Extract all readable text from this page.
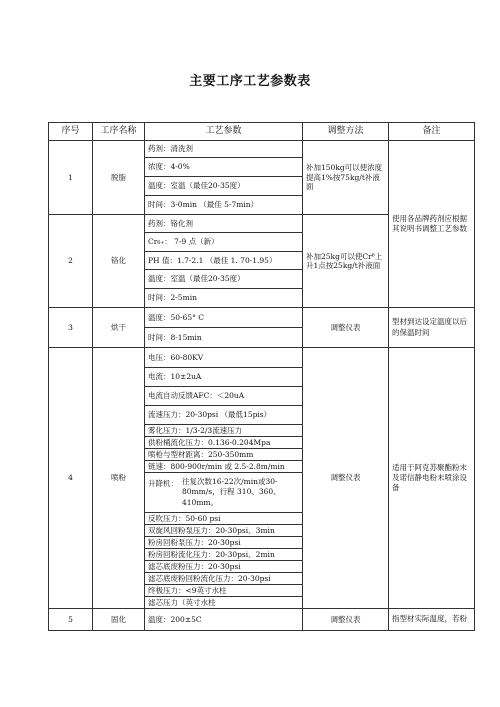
主要工序工艺参数表
序号	工序名称	工艺参数	调整方法	备注
1	脱脂	药剂：清洗剂	补加150kg可以使浓度提高1%按75kg/t补液面	使用各品牌药剂应根据其说明书调整工艺参数
		浓度：4-0%		
		温度：室温（最佳20-35度）		
		时间：3-0min （最佳 5-7min）		
2	铬化	药剂：铬化剂	补加25kg可以使Cr⁶上升1点按25kg/t补液面	
		Cr₆₊： 7-9 点（新）		
		PH 值：1.7-2.1 （最佳 1. 70-1.95）		
		温度：室温（最佳20-35度）		
		时间：2-5min		
3	烘干	温度：50-65° C	调整仪表	型材到达设定温度以后的保温时间
		时间：8-15min		
4	喷粉	电压：60-80KV	调整仪表	适用于阿克苏聚酯粉末及诺信静电粉末喷涂设备
		电流：10±2uA		
		电流自动反馈AFC：＜20uA		
		流速压力：20-30psi （最低15pis）		
		雾化压力：1/3-2/3流速压力		
		供粉桶流化压力：0.136-0.204Mpa		
		喷枪与型材距离：250-350mm		
		链速：800-900r/min 或 2.5-2.8m/min		

		升降机： 往复次数16-22次/min或30-80mm/s，行程 310、360、410mm。		

		反吹压力：50-60 psi		
		双旋风回粉泵压力：20-30psi、3min		
		粉房回粉泵压力：20-30psi		
		粉房回粉流化压力：20-30psi、2min		
		滤芯底废粉压力：20-30psi		
		滤芯底废粉回粉流化压力：20-30psi		
		终极压力：<9英寸水柱		
		滤芯压力（英寸水柱		
5	固化	温度：200±5C	调整仪表	指型材实际温度，若粉
